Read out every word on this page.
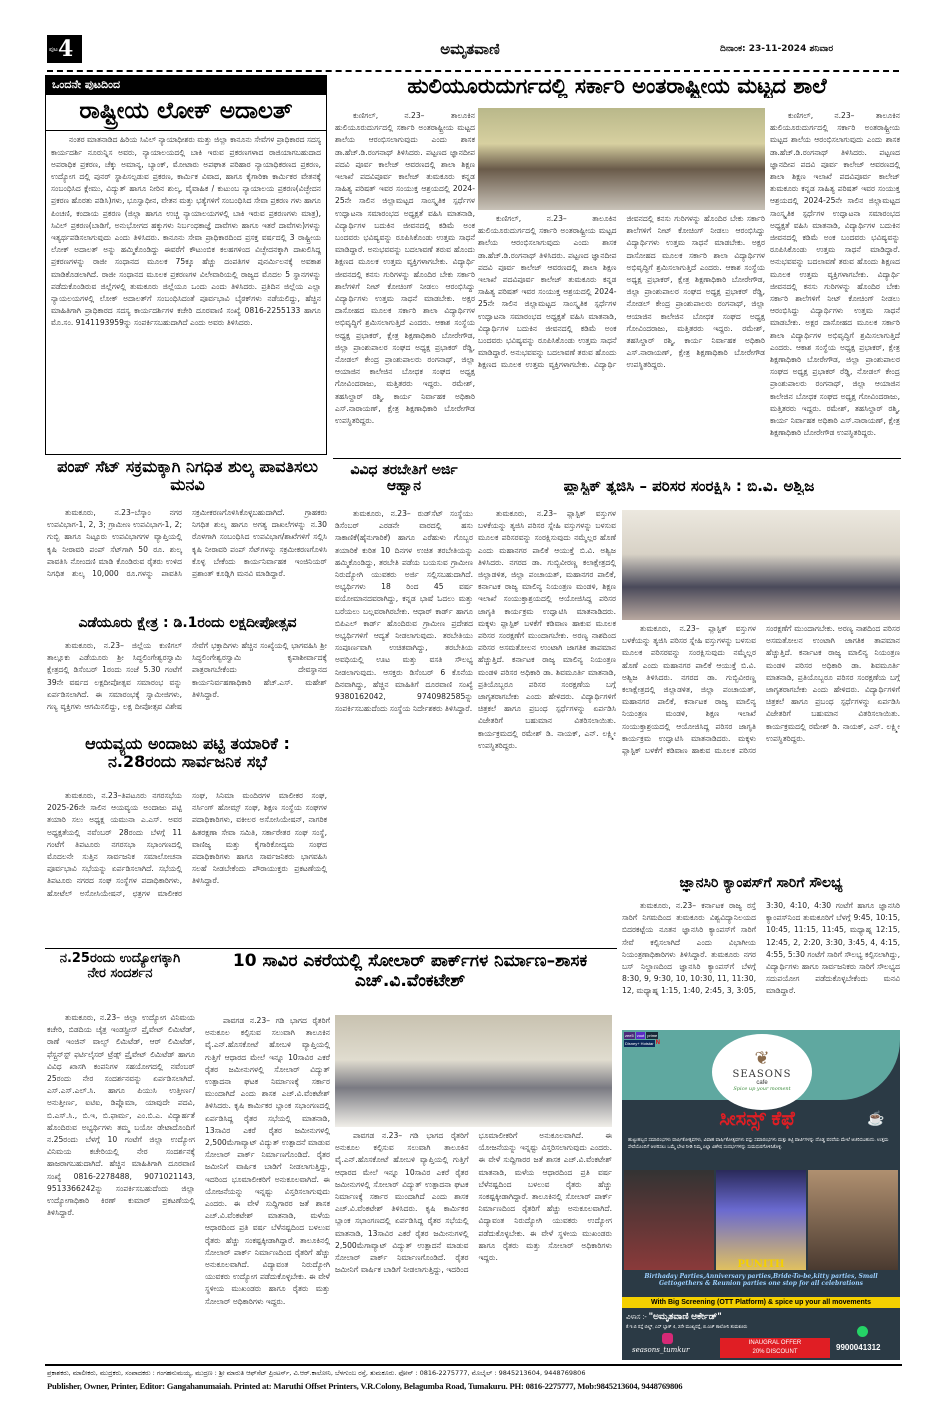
ಪುಟ 4	ಅಮೃತವಾಣಿ	ದಿನಾಂಕ: 23-11-2024 ಶನಿವಾರ
ಒಂದನೇ ಪುಟದಿಂದ
ರಾಷ್ಟ್ರೀಯ ಲೋಕ್ ಅದಾಲತ್

ನಂತರ ಮಾತನಾಡಿದ ಹಿರಿಯ ಸಿವಿಲ್ ನ್ಯಾಯಾಧೀಶರು ಮತ್ತು ಜಿಲ್ಲಾ ಕಾನೂನು ಸೇವೆಗಳ ಪ್ರಾಧಿಕಾರದ ಸದಸ್ಯ ಕಾರ್ಯದರ್ಶಿ ನೂರುನ್ನಿಸ ಅವರು, ನ್ಯಾಯಾಲಯದಲ್ಲಿ ಬಾಕಿ ಇರುವ ಪ್ರಕರಣಗಳಾದ ರಾಜಿಯಾಗಬಹುದಾದ ಅಪರಾಧಿಕ ಪ್ರಕರಣ, ಚೆಕ್ಕು ಅಮಾನ್ಯ, ಬ್ಯಾಂಕ್, ಮೋಟಾರು ಅಪಘಾತ ಪರಿಹಾರ ನ್ಯಾಯಾಧಿಕರಣದ ಪ್ರಕರಣ, ಉದ್ಯೋಗ ದಲ್ಲಿ ಪುನರ್ ಸ್ಥಾಪಿಸಲ್ಪಡುವ ಪ್ರಕರಣ, ಕಾರ್ಮಿಕ ವಿವಾದ, ಹಾಗೂ ಕೈಗಾರಿಕಾ ಕಾರ್ಮಿಕರ ವೇತನಕ್ಕೆ ಸಂಬಂಧಿಸಿದ ಕ್ಲೇಮು, ವಿದ್ಯುತ್ ಹಾಗೂ ನೀರಿನ ಶುಲ್ಕ, ವೈವಾಹಿಕ / ಕುಟುಂಬ ನ್ಯಾಯಾಲಯ ಪ್ರಕರಣ(ವಿಚ್ಛೇದನ ಪ್ರಕರಣ ಹೊರತು ಪಡಿಸಿ)ಗಳು, ಭೂಸ್ವಾಧೀನ, ವೇತನ ಮತ್ತು ಭತ್ಯೆಗಳಿಗೆ ಸಂಬಂಧಿಸಿದ ಸೇವಾ ಪ್ರಕರಣ ಗಳು ಹಾಗೂ ಪಿಂಚಣಿ, ಕಂದಾಯ ಪ್ರಕರಣ (ಜಿಲ್ಲಾ ಹಾಗೂ ಉಚ್ಚ ನ್ಯಾಯಾಲಯಗಳಲ್ಲಿ ಬಾಕಿ ಇರುವ ಪ್ರಕರಣಗಳು ಮಾತ್ರ), ಸಿವಿಲ್ ಪ್ರಕರಣ(ಬಾಡಿಗೆ, ಅನುಭೋಗದ ಹಕ್ಕುಗಳು ನಿರ್ಬಂಧಕಾಜ್ಞೆ ದಾವೆಗಳು ಹಾಗೂ ಇತರೆ ದಾವೆಗಳು)ಗಳನ್ನು ಇತ್ಯರ್ಥಪಡಿಸಲಾಗುವುದು ಎಂದು ತಿಳಿಸಿದರು. ಕಾನೂನು ಸೇವಾ ಪ್ರಾಧಿಕಾರದಿಂದ ಪ್ರಸಕ್ತ ವರ್ಷದಲ್ಲಿ 3 ರಾಷ್ಟ್ರೀಯ ಲೋಕ್ ಅದಾಲತ್ ಅನ್ನು ಹಮ್ಮಿಕೊಂಡಿದ್ದು ಈವರೆಗೆ ಕೌಟುಂಬಿಕ ಕಲಹಗಳಿಂದ ವಿಚ್ಛೇದನಕ್ಕಾಗಿ ದಾಖಲಿಸಿದ್ದ ಪ್ರಕರಣಗಳನ್ನು ರಾಜೀ ಸಂಧಾನದ ಮೂಲಕ 75ಕ್ಕೂ ಹೆಚ್ಚು ದಂಪತಿಗಳ ಪುನರ್ಮಿಲನಕ್ಕೆ ಅವಕಾಶ ಮಾಡಿಕೊಡಲಾಗಿದೆ. ರಾಜೀ ಸಂಧಾನದ ಮೂಲಕ ಪ್ರಕರಣಗಳ ವಿಲೇವಾರಿಯಲ್ಲಿ ರಾಜ್ಯದ ಮೊದಲ 5 ಸ್ಥಾನಗಳನ್ನು ಪಡೆದುಕೊಂಡಿರುವ ಜಿಲ್ಲೆಗಳಲ್ಲಿ ತುಮಕೂರು ಜಿಲ್ಲೆಯೂ ಒಂದು ಎಂದು ತಿಳಿಸಿದರು. ಪ್ರತಿದಿನ ಜಿಲ್ಲೆಯ ಎಲ್ಲಾ ನ್ಯಾಯಲಯಗಳಲ್ಲಿ ಲೋಕ್ ಅದಾಲತ್‌ಗೆ ಸಂಬಂಧಿಸಿದಂತೆ ಪೂರ್ವಭಾವಿ ಬೈಠಕ್‌ಗಳು ನಡೆಯಲಿದ್ದು, ಹೆಚ್ಚಿನ ಮಾಹಿತಿಗಾಗಿ ಪ್ರಾಧಿಕಾರದ ಸದಸ್ಯ ಕಾರ್ಯದರ್ಶಿಗಳ ಕಚೇರಿ ದೂರವಾಣಿ ಸಂಖ್ಯೆ 0816-2255133 ಹಾಗೂ ಮೊ.ಸಂ. 9141193959ನ್ನು ಸಂಪರ್ಕಿಸಬಹುದಾಗಿದೆ ಎಂದು ಅವರು ತಿಳಿಸಿದರು.

ಪಂಪ್ ಸೆಟ್ ಸಕ್ರಮಕ್ಕಾಗಿ ನಿಗಧಿತ ಶುಲ್ಕ ಪಾವತಿಸಲು ಮನವಿ

ತುಮಕೂರು, ನ.23–ಬೆಸ್ಕಾಂ ನಗರ ಉಪವಿಭಾಗ-1, 2, 3; ಗ್ರಾಮೀಣ ಉಪವಿಭಾಗ-1, 2; ಗುಬ್ಬಿ ಹಾಗೂ ನಿಟ್ಟೂರು ಉಪವಿಭಾಗಗಳ ವ್ಯಾಪ್ತಿಯಲ್ಲಿ ಕೃಷಿ ನೀರಾವರಿ ಪಂಪ್ ಸೆಟ್‌ಗಾಗಿ 50 ರೂ. ಶುಲ್ಕ ಪಾವತಿಸಿ ನೋಂದಣಿ ಮಾಡಿ ಕೊಂಡಿರುವ ರೈತರು ಉಳಿದ ನಿಗಧಿತ ಶುಲ್ಕ 10,000 ರೂ.ಗಳನ್ನು ಪಾವತಿಸಿ ಸಕ್ರಮೀಕರಣಗೊಳಿಸಿಕೊಳ್ಳಬಹುದಾಗಿದೆ. ಗ್ರಾಹಕರು ನಿಗಧಿತ ಶುಲ್ಕ ಹಾಗೂ ಅಗತ್ಯ ದಾಖಲೆಗಳನ್ನು ನ.30 ರೊಳಗಾಗಿ ಸಂಬಂಧಿಸಿದ ಉಪವಿಭಾಗ/ಶಾಖೆಗಳಿಗೆ ಸಲ್ಲಿಸಿ ಕೃಷಿ ನೀರಾವರಿ ಪಂಪ್ ಸೆಟ್‌ಗಳನ್ನು ಸಕ್ರಮೀಕರಣಗೊಳಿಸಿ ಕೊಳ್ಳ ಬೇಕೆಂದು ಕಾರ್ಯನಿರ್ವಾಹಕ ಇಂಜಿನಿಯರ್ ಪ್ರಶಾಂತ್ ಕೂಡ್ಲಿಗಿ ಮನವಿ ಮಾಡಿದ್ದಾರೆ.

ಎಡೆಯೂರು ಕ್ಷೇತ್ರ : ಡಿ.1ರಂದು ಲಕ್ಷದೀಪೋತ್ಸವ

ತುಮಕೂರು, ನ.23– ಜಿಲ್ಲೆಯ ಕುಣಿಗಲ್ ತಾಲ್ಲೂಕು ಎಡೆಯೂರು ಶ್ರೀ ಸಿದ್ಧಲಿಂಗೇಶ್ವರಸ್ವಾಮಿ ಕ್ಷೇತ್ರದಲ್ಲಿ ಡಿಸೆಂಬರ್ 1ರಂದು ಸಂಜೆ 5.30 ಗಂಟೆಗೆ 39ನೇ ವರ್ಷದ ಲಕ್ಷದೀಪೋತ್ಸವ ಸಮಾರಂಭ ವನ್ನು ಏರ್ಪಡಿಸಲಾಗಿದೆ. ಈ ಸಮಾರಂಭಕ್ಕೆ ಸ್ವಾಮೀಜಿಗಳು, ಗಣ್ಯ ವ್ಯಕ್ತಿಗಳು ಆಗಮಿಸಲಿದ್ದು, ಲಕ್ಷ ದೀಪೋತ್ಸವ ವಿಶೇಷ ಸೇವೆಗೆ ಭಕ್ತಾದಿಗಳು ಹೆಚ್ಚಿನ ಸಂಖ್ಯೆಯಲ್ಲಿ ಭಾಗವಹಿಸಿ ಶ್ರೀ ಸಿದ್ಧಲಿಂಗೇಶ್ವರಸ್ವಾಮಿ ಕೃಪಾಶೀರ್ವಾದಕ್ಕೆ ಪಾತ್ರರಾಗಬೇಕೆಂದು ದೇವಸ್ಥಾನದ ಕಾರ್ಯನಿರ್ವಹಣಾಧಿಕಾರಿ ಹೆಚ್.ಎಸ್. ಮಹೇಶ್ ತಿಳಿಸಿದ್ದಾರೆ.

ಆಯವ್ಯಯ ಅಂದಾಜು ಪಟ್ಟಿ ತಯಾರಿಕೆ : ನ.28ರಂದು ಸಾರ್ವಜನಿಕ ಸಭೆ

ತುಮಕೂರು, ನ.23–ತಿಪಟೂರು ನಗರಸಭೆಯ 2025-26ನೇ ಸಾಲಿನ ಆಯವ್ಯಯ ಅಂದಾಜು ಪಟ್ಟಿ ತಯಾರಿ ಸಲು ಅಧ್ಯಕ್ಷ ಯಮುನಾ ಎ.ಎಸ್. ಅವರ ಅಧ್ಯಕ್ಷತೆಯಲ್ಲಿ ನವೆಂಬರ್ 28ರಂದು ಬೆಳಗ್ಗೆ 11 ಗಂಟೆಗೆ ತಿಪಟೂರು ನಗರಸಭಾ ಸಭಾಂಗಣದಲ್ಲಿ ಮೊದಲನೇ ಸುತ್ತಿನ ಸಾರ್ವಜನಿಕ ಸಮಾಲೋಚನಾ ಪೂರ್ವಭಾವಿ ಸಭೆಯನ್ನು ಏರ್ಪಡಿಸಲಾಗಿದೆ. ಸಭೆಯಲ್ಲಿ ತಿಪಟೂರು ನಗರದ ಸಂಘ ಸಂಸ್ಥೆಗಳ ಪದಾಧಿಕಾರಿಗಳು, ಹೋಟೆಲ್ ಅಸೋಸಿಯೇಷನ್, ಛತ್ರಗಳ ಮಾಲೀಕರ ಸಂಘ, ಸಿನಿಮಾ ಮಂದಿರಗಳ ಮಾಲೀಕರ ಸಂಘ, ನರ್ಸಿಂಗ್ ಹೋಮ್ಸ್ ಸಂಘ, ಶಿಕ್ಷಣ ಸಂಸ್ಥೆಯ ಸಂಘಗಳ ಪದಾಧಿಕಾರಿಗಳು, ವಕೀಲರ ಅಸೋಸಿಯೇಷನ್, ನಾಗರಿಕ ಹಿತರಕ್ಷಣಾ ಸೇವಾ ಸಮಿತಿ, ಸರ್ಕಾರೇತರ ಸಂಘ ಸಂಸ್ಥೆ, ವಾಣಿಜ್ಯ ಮತ್ತು ಕೈಗಾರಿಕೋದ್ಯಮ ಸಂಘದ ಪದಾಧಿಕಾರಿಗಳು ಹಾಗೂ ಸಾರ್ವಜನಿಕರು ಭಾಗವಹಿಸಿ ಸಲಹೆ ನೀಡಬೇಕೆಂದು ಪೌರಾಯುಕ್ತರು ಪ್ರಕಟಣೆಯಲ್ಲಿ ತಿಳಿಸಿದ್ದಾರೆ.

ನ.25ರಂದು ಉದ್ಯೋಗಕ್ಕಾಗಿ ನೇರ ಸಂದರ್ಶನ

ತುಮಕೂರು, ನ.23– ಜಿಲ್ಲಾ ಉದ್ಯೋಗ ವಿನಿಮಯ ಕಚೇರಿ, ಬಿಡದಿಯ ಚೈತ್ರ ಇಂಡಸ್ಟ್ರೀಸ್ ಪ್ರೈವೇಟ್ ಲಿಮಿಟೆಡ್, ರಾಣೆ ಇಂಜಿನ್ ವಾಲ್ವ್ ಲಿಮಿಟೆಡ್, ಆರ್ ಲಿಮಿಟೆಡ್, ಫೆಸ್ಟ್ರನ್‌ಸ್ಟ್ ಫರ್ಟಿಲೈಸರ್ ಟ್ರೆಡ್ಸ್ ಪ್ರೈವೇಟ್ ಲಿಮಿಟೆಡ್ ಹಾಗೂ ವಿವಿಧ ಖಾಸಗಿ ಕಂಪನಿಗಳ ಸಹಯೋಗದಲ್ಲಿ ನವೆಂಬರ್ 25ರಂದು ನೇರ ಸಂದರ್ಶನವನ್ನು ಏರ್ಪಡಿಸಲಾಗಿದೆ. ಎಸ್.ಎಸ್.ಎಲ್.ಸಿ. ಹಾಗೂ ಪಿಯುಸಿ ಉತ್ತೀರ್ಣ/ಅನುತ್ತೀರ್ಣ, ಐಟಿಐ, ಡಿಪ್ಲೊಮಾ, ಯಾವುದೇ ಪದವಿ, ಬಿ.ಎಸ್.ಸಿ., ಬಿ.ಇ, ಬಿ.ಫಾರ್ಮ, ಎಂ.ಬಿ.ಎ. ವಿದ್ಯಾರ್ಹತೆ ಹೊಂದಿರುವ ಅಭ್ಯರ್ಥಿಗಳು ತಮ್ಮ ಬಯೋ ಡೇಟಾದೊಂದಿಗೆ ನ.25ರಂದು ಬೆಳಗ್ಗೆ 10 ಗಂಟೆಗೆ ಜಿಲ್ಲಾ ಉದ್ಯೋಗ ವಿನಿಮಯ ಕಚೇರಿಯಲ್ಲಿ ನೇರ ಸಂದರ್ಶನಕ್ಕೆ ಹಾಜರಾಗಬಹುದಾಗಿದೆ. ಹೆಚ್ಚಿನ ಮಾಹಿತಿಗಾಗಿ ದೂರವಾಣಿ ಸಂಖ್ಯೆ 0816-2278488, 9071021143, 9513366242ನ್ನು ಸಂಪರ್ಕಿಸಬಹುದೆಂದು ಜಿಲ್ಲಾ ಉದ್ಯೋಗಾಧಿಕಾರಿ ಕಿರಣ್ ಕುಮಾರ್ ಪ್ರಕಟಣೆಯಲ್ಲಿ ತಿಳಿಸಿದ್ದಾರೆ.

ಹುಲಿಯೂರುದುರ್ಗದಲ್ಲಿ ಸರ್ಕಾರಿ ಅಂತರಾಷ್ಟ್ರೀಯ ಮಟ್ಟದ ಶಾಲೆ

ಕುಣಿಗಲ್, ನ.23– ತಾಲೂಕಿನ ಹುಲಿಯೂರುದುರ್ಗದಲ್ಲಿ ಸರ್ಕಾರಿ ಅಂತರಾಷ್ಟ್ರೀಯ ಮಟ್ಟದ ಶಾಲೆಯ ಆರಂಭಿಸಲಾಗುವುದು ಎಂದು ಶಾಸಕ ಡಾ.ಹೆಚ್.ಡಿ.ರಂಗನಾಥ್ ತಿಳಿಸಿದರು. ಪಟ್ಟಣದ ಜ್ಞಾನದೀಪ ಪದವಿ ಪೂರ್ವ ಕಾಲೇಜ್ ಆವರಣದಲ್ಲಿ ಶಾಲಾ ಶಿಕ್ಷಣ ಇಲಾಖೆ ಪದವಿಪೂರ್ವ ಕಾಲೇಜ್ ತುಮಕೂರು ಕನ್ನಡ ಸಾಹಿತ್ಯ ಪರಿಷತ್ ಇವರ ಸಂಯುಕ್ತ ಆಶ್ರಯದಲ್ಲಿ 2024-25ನೇ ಸಾಲಿನ ಜಿಲ್ಲಾಮಟ್ಟದ ಸಾಂಸ್ಕೃತಿಕ ಸ್ಪರ್ಧೆಗಳ ಉದ್ಘಾಟನಾ ಸಮಾರಂಭದ ಅಧ್ಯಕ್ಷತೆ ವಹಿಸಿ ಮಾತನಾಡಿ, ವಿದ್ಯಾರ್ಥಿಗಳ ಬದುಕಿನ ಜೀವನದಲ್ಲಿ ಕಡಿಮೆ ಅಂಕ ಬಂದವರು ಭವಿಷ್ಯವನ್ನು ರೂಪಿಸಿಕೊಂಡು ಉತ್ತಮ ಸಾಧನೆ ಮಾಡಿದ್ದಾರೆ. ಅನುಭವವನ್ನು ಬದಲಾವಣೆ ತರುವ ಹೊಂದು ಶಿಕ್ಷಣದ ಮೂಲಕ ಉತ್ತಮ ವ್ಯಕ್ತಿಗಳಾಗಬೇಕು. ವಿದ್ಯಾರ್ಥಿ ಜೀವನದಲ್ಲಿ ಕನಸು ಗುರಿಗಳನ್ನು ಹೊಂದಿರ ಬೇಕು ಸರ್ಕಾರಿ ಶಾಲೆಗಳಿಗೆ ನೀಟ್ ಕೋಚಿಂಗ್ ನೀಡಲು ಆರಂಭಿಸಿದ್ದು ವಿದ್ಯಾರ್ಥಿಗಳು ಉತ್ತಮ ಸಾಧನೆ ಮಾಡಬೇಕು. ಅಕ್ಷರ ದಾಸೋಹದ ಮೂಲಕ ಸರ್ಕಾರಿ ಶಾಲಾ ವಿದ್ಯಾರ್ಥಿಗಳ ಅಭಿವೃದ್ಧಿಗೆ ಶ್ರಮಿಸಲಾಗುತ್ತಿದೆ ಎಂದರು. ಆಕಾಶ ಸಂಸ್ಥೆಯ ಅಧ್ಯಕ್ಷ ಪ್ರಭಾಕರ್, ಕ್ಷೇತ್ರ ಶಿಕ್ಷಣಾಧಿಕಾರಿ ಬೋರೇಗೌಡ, ಜಿಲ್ಲಾ ಪ್ರಾಂಶುಪಾಲರ ಸಂಘದ ಅಧ್ಯಕ್ಷ ಪ್ರಭಾಕರ್ ರೆಡ್ಡಿ, ನೋಡಲ್ ಕೇಂದ್ರ ಪ್ರಾಂಶುಪಾಲರು ರಂಗನಾಥ್, ಜಿಲ್ಲಾ ಆಯಾಜಿನ ಕಾಲೇಜಿನ ಬೋಧಕ ಸಂಘದ ಅಧ್ಯಕ್ಷ ಗೋವಿಂದರಾಜು, ಮತ್ತಿತರರು ಇದ್ದರು. ರಮೇಶ್, ತಹಸಿಲ್ದಾರ್ ರಶ್ಮಿ, ಕಾರ್ಯ ನಿರ್ವಾಹಕ ಅಧಿಕಾರಿ ಎಸ್.ನಾರಾಯಣ್, ಕ್ಷೇತ್ರ ಶಿಕ್ಷಣಾಧಿಕಾರಿ ಬೋರೇಗೌಡ ಉಪಸ್ಥಿತರಿದ್ದರು.

ಕುಣಿಗಲ್, ನ.23– ತಾಲೂಕಿನ ಹುಲಿಯೂರುದುರ್ಗದಲ್ಲಿ ಸರ್ಕಾರಿ ಅಂತರಾಷ್ಟ್ರೀಯ ಮಟ್ಟದ ಶಾಲೆಯ ಆರಂಭಿಸಲಾಗುವುದು ಎಂದು ಶಾಸಕ ಡಾ.ಹೆಚ್.ಡಿ.ರಂಗನಾಥ್ ತಿಳಿಸಿದರು. ಪಟ್ಟಣದ ಜ್ಞಾನದೀಪ ಪದವಿ ಪೂರ್ವ ಕಾಲೇಜ್ ಆವರಣದಲ್ಲಿ ಶಾಲಾ ಶಿಕ್ಷಣ ಇಲಾಖೆ ಪದವಿಪೂರ್ವ ಕಾಲೇಜ್ ತುಮಕೂರು ಕನ್ನಡ ಸಾಹಿತ್ಯ ಪರಿಷತ್ ಇವರ ಸಂಯುಕ್ತ ಆಶ್ರಯದಲ್ಲಿ 2024-25ನೇ ಸಾಲಿನ ಜಿಲ್ಲಾಮಟ್ಟದ ಸಾಂಸ್ಕೃತಿಕ ಸ್ಪರ್ಧೆಗಳ ಉದ್ಘಾಟನಾ ಸಮಾರಂಭದ ಅಧ್ಯಕ್ಷತೆ ವಹಿಸಿ ಮಾತನಾಡಿ, ವಿದ್ಯಾರ್ಥಿಗಳ ಬದುಕಿನ ಜೀವನದಲ್ಲಿ ಕಡಿಮೆ ಅಂಕ ಬಂದವರು ಭವಿಷ್ಯವನ್ನು ರೂಪಿಸಿಕೊಂಡು ಉತ್ತಮ ಸಾಧನೆ ಮಾಡಿದ್ದಾರೆ. ಅನುಭವವನ್ನು ಬದಲಾವಣೆ ತರುವ ಹೊಂದು ಶಿಕ್ಷಣದ ಮೂಲಕ ಉತ್ತಮ ವ್ಯಕ್ತಿಗಳಾಗಬೇಕು. ವಿದ್ಯಾರ್ಥಿ ಜೀವನದಲ್ಲಿ ಕನಸು ಗುರಿಗಳನ್ನು ಹೊಂದಿರ ಬೇಕು ಸರ್ಕಾರಿ ಶಾಲೆಗಳಿಗೆ ನೀಟ್ ಕೋಚಿಂಗ್ ನೀಡಲು ಆರಂಭಿಸಿದ್ದು ವಿದ್ಯಾರ್ಥಿಗಳು ಉತ್ತಮ ಸಾಧನೆ ಮಾಡಬೇಕು. ಅಕ್ಷರ ದಾಸೋಹದ ಮೂಲಕ ಸರ್ಕಾರಿ ಶಾಲಾ ವಿದ್ಯಾರ್ಥಿಗಳ ಅಭಿವೃದ್ಧಿಗೆ ಶ್ರಮಿಸಲಾಗುತ್ತಿದೆ ಎಂದರು. ಆಕಾಶ ಸಂಸ್ಥೆಯ ಅಧ್ಯಕ್ಷ ಪ್ರಭಾಕರ್, ಕ್ಷೇತ್ರ ಶಿಕ್ಷಣಾಧಿಕಾರಿ ಬೋರೇಗೌಡ, ಜಿಲ್ಲಾ ಪ್ರಾಂಶುಪಾಲರ ಸಂಘದ ಅಧ್ಯಕ್ಷ ಪ್ರಭಾಕರ್ ರೆಡ್ಡಿ, ನೋಡಲ್ ಕೇಂದ್ರ ಪ್ರಾಂಶುಪಾಲರು ರಂಗನಾಥ್, ಜಿಲ್ಲಾ ಆಯಾಜಿನ ಕಾಲೇಜಿನ ಬೋಧಕ ಸಂಘದ ಅಧ್ಯಕ್ಷ ಗೋವಿಂದರಾಜು, ಮತ್ತಿತರರು ಇದ್ದರು. ರಮೇಶ್, ತಹಸಿಲ್ದಾರ್ ರಶ್ಮಿ, ಕಾರ್ಯ ನಿರ್ವಾಹಕ ಅಧಿಕಾರಿ ಎಸ್.ನಾರಾಯಣ್, ಕ್ಷೇತ್ರ ಶಿಕ್ಷಣಾಧಿಕಾರಿ ಬೋರೇಗೌಡ ಉಪಸ್ಥಿತರಿದ್ದರು.

ಕುಣಿಗಲ್, ನ.23– ತಾಲೂಕಿನ ಹುಲಿಯೂರುದುರ್ಗದಲ್ಲಿ ಸರ್ಕಾರಿ ಅಂತರಾಷ್ಟ್ರೀಯ ಮಟ್ಟದ ಶಾಲೆಯ ಆರಂಭಿಸಲಾಗುವುದು ಎಂದು ಶಾಸಕ ಡಾ.ಹೆಚ್.ಡಿ.ರಂಗನಾಥ್ ತಿಳಿಸಿದರು. ಪಟ್ಟಣದ ಜ್ಞಾನದೀಪ ಪದವಿ ಪೂರ್ವ ಕಾಲೇಜ್ ಆವರಣದಲ್ಲಿ ಶಾಲಾ ಶಿಕ್ಷಣ ಇಲಾಖೆ ಪದವಿಪೂರ್ವ ಕಾಲೇಜ್ ತುಮಕೂರು ಕನ್ನಡ ಸಾಹಿತ್ಯ ಪರಿಷತ್ ಇವರ ಸಂಯುಕ್ತ ಆಶ್ರಯದಲ್ಲಿ 2024-25ನೇ ಸಾಲಿನ ಜಿಲ್ಲಾಮಟ್ಟದ ಸಾಂಸ್ಕೃತಿಕ ಸ್ಪರ್ಧೆಗಳ ಉದ್ಘಾಟನಾ ಸಮಾರಂಭದ ಅಧ್ಯಕ್ಷತೆ ವಹಿಸಿ ಮಾತನಾಡಿ, ವಿದ್ಯಾರ್ಥಿಗಳ ಬದುಕಿನ ಜೀವನದಲ್ಲಿ ಕಡಿಮೆ ಅಂಕ ಬಂದವರು ಭವಿಷ್ಯವನ್ನು ರೂಪಿಸಿಕೊಂಡು ಉತ್ತಮ ಸಾಧನೆ ಮಾಡಿದ್ದಾರೆ. ಅನುಭವವನ್ನು ಬದಲಾವಣೆ ತರುವ ಹೊಂದು ಶಿಕ್ಷಣದ ಮೂಲಕ ಉತ್ತಮ ವ್ಯಕ್ತಿಗಳಾಗಬೇಕು. ವಿದ್ಯಾರ್ಥಿ ಜೀವನದಲ್ಲಿ ಕನಸು ಗುರಿಗಳನ್ನು ಹೊಂದಿರ ಬೇಕು ಸರ್ಕಾರಿ ಶಾಲೆಗಳಿಗೆ ನೀಟ್ ಕೋಚಿಂಗ್ ನೀಡಲು ಆರಂಭಿಸಿದ್ದು ವಿದ್ಯಾರ್ಥಿಗಳು ಉತ್ತಮ ಸಾಧನೆ ಮಾಡಬೇಕು. ಅಕ್ಷರ ದಾಸೋಹದ ಮೂಲಕ ಸರ್ಕಾರಿ ಶಾಲಾ ವಿದ್ಯಾರ್ಥಿಗಳ ಅಭಿವೃದ್ಧಿಗೆ ಶ್ರಮಿಸಲಾಗುತ್ತಿದೆ ಎಂದರು. ಆಕಾಶ ಸಂಸ್ಥೆಯ ಅಧ್ಯಕ್ಷ ಪ್ರಭಾಕರ್, ಕ್ಷೇತ್ರ ಶಿಕ್ಷಣಾಧಿಕಾರಿ ಬೋರೇಗೌಡ, ಜಿಲ್ಲಾ ಪ್ರಾಂಶುಪಾಲರ ಸಂಘದ ಅಧ್ಯಕ್ಷ ಪ್ರಭಾಕರ್ ರೆಡ್ಡಿ, ನೋಡಲ್ ಕೇಂದ್ರ ಪ್ರಾಂಶುಪಾಲರು ರಂಗನಾಥ್, ಜಿಲ್ಲಾ ಆಯಾಜಿನ ಕಾಲೇಜಿನ ಬೋಧಕ ಸಂಘದ ಅಧ್ಯಕ್ಷ ಗೋವಿಂದರಾಜು, ಮತ್ತಿತರರು ಇದ್ದರು. ರಮೇಶ್, ತಹಸಿಲ್ದಾರ್ ರಶ್ಮಿ, ಕಾರ್ಯ ನಿರ್ವಾಹಕ ಅಧಿಕಾರಿ ಎಸ್.ನಾರಾಯಣ್, ಕ್ಷೇತ್ರ ಶಿಕ್ಷಣಾಧಿಕಾರಿ ಬೋರೇಗೌಡ ಉಪಸ್ಥಿತರಿದ್ದರು.

ವಿವಿಧ ತರಬೇತಿಗೆ ಅರ್ಜಿ ಆಹ್ವಾನ

ತುಮಕೂರು, ನ.23– ರುಡ್‌ಸೆಟ್ ಸಂಸ್ಥೆಯು ಡಿಸೆಂಬರ್ ಎರಡನೇ ವಾರದಲ್ಲಿ ಹಸು ಸಾಕಾಣಿಕೆ(ಹೈನುಗಾರಿಕೆ) ಹಾಗೂ ಎರೆಹುಳು ಗೊಬ್ಬರ ತಯಾರಿಕೆ ಕುರಿತ 10 ದಿನಗಳ ಉಚಿತ ತರಬೇತಿಯನ್ನು ಹಮ್ಮಿಕೊಂಡಿದ್ದು, ತರಬೇತಿ ಪಡೆಯ ಬಯಸುವ ಗ್ರಾಮೀಣ ನಿರುದ್ಯೋಗಿ ಯುವಕರು ಅರ್ಜಿ ಸಲ್ಲಿಸಬಹುದಾಗಿದೆ. ಅಭ್ಯರ್ಥಿಗಳು 18 ರಿಂದ 45 ವರ್ಷ ವಯೋಮಾನದವರಾಗಿದ್ದು, ಕನ್ನಡ ಭಾಷೆ ಓದಲು ಮತ್ತು ಬರೆಯಲು ಬಲ್ಲವರಾಗಿರಬೇಕು. ಆಧಾರ್ ಕಾರ್ಡ್ ಹಾಗೂ ಬಿಪಿಎಲ್ ಕಾರ್ಡ್ ಹೊಂದಿರುವ ಗ್ರಾಮೀಣ ಪ್ರದೇಶದ ಅಭ್ಯರ್ಥಿಗಳಿಗೆ ಆದ್ಯತೆ ನೀಡಲಾಗುವುದು. ತರಬೇತಿಯು ಸಂಪೂರ್ಣವಾಗಿ ಉಚಿತವಾಗಿದ್ದು, ತರಬೇತಿಯ ಅವಧಿಯಲ್ಲಿ ಊಟ ಮತ್ತು ವಸತಿ ಸೌಲಭ್ಯ ನೀಡಲಾಗುವುದು. ಆಸಕ್ತರು ಡಿಸೆಂಬರ್ 6 ಕೊನೆಯ ದಿನವಾಗಿದ್ದು, ಹೆಚ್ಚಿನ ಮಾಹಿತಿಗೆ ದೂರವಾಣಿ ಸಂಖ್ಯೆ 9380162042, 9740982585ನ್ನು ಸಂಪರ್ಕಿಸಬಹುದೆಂದು ಸಂಸ್ಥೆಯ ನಿರ್ದೇಶಕರು ತಿಳಿಸಿದ್ದಾರೆ.

ಪ್ಲಾಸ್ಟಿಕ್ ತ್ಯಜಿಸಿ – ಪರಿಸರ ಸಂರಕ್ಷಿಸಿ : ಬಿ.ವಿ. ಅಶ್ವಿಜ

ತುಮಕೂರು, ನ.23– ಪ್ಲಾಸ್ಟಿಕ್ ವಸ್ತುಗಳ ಬಳಕೆಯನ್ನು ತ್ಯಜಿಸಿ ಪರಿಸರ ಸ್ನೇಹಿ ವಸ್ತುಗಳನ್ನು ಬಳಸುವ ಮೂಲಕ ಪರಿಸರವನ್ನು ಸಂರಕ್ಷಿಸುವುದು ನಮ್ಮೆಲ್ಲರ ಹೊಣೆ ಎಂದು ಮಹಾನಗರ ಪಾಲಿಕೆ ಆಯುಕ್ತೆ ಬಿ.ವಿ. ಅಶ್ವಿಜ ತಿಳಿಸಿದರು. ನಗರದ ಡಾ. ಗುಬ್ಬಿವೀರಣ್ಣ ಕಲಾಕ್ಷೇತ್ರದಲ್ಲಿ ಜಿಲ್ಲಾಡಳಿತ, ಜಿಲ್ಲಾ ಪಂಚಾಯತ್, ಮಹಾನಗರ ಪಾಲಿಕೆ, ಕರ್ನಾಟಕ ರಾಜ್ಯ ಮಾಲಿನ್ಯ ನಿಯಂತ್ರಣ ಮಂಡಳಿ, ಶಿಕ್ಷಣ ಇಲಾಖೆ ಸಂಯುಕ್ತಾಶ್ರಯದಲ್ಲಿ ಆಯೋಜಿಸಿದ್ದ ಪರಿಸರ ಜಾಗೃತಿ ಕಾರ್ಯಕ್ರಮ ಉದ್ಘಾಟಿಸಿ ಮಾತನಾಡಿದರು. ಮಕ್ಕಳು ಪ್ಲಾಸ್ಟಿಕ್ ಬಳಕೆಗೆ ಕಡಿವಾಣ ಹಾಕುವ ಮೂಲಕ ಪರಿಸರ ಸಂರಕ್ಷಣೆಗೆ ಮುಂದಾಗಬೇಕು. ಅರಣ್ಯ ನಾಶದಿಂದ ಪರಿಸರ ಅಸಮತೋಲನ ಉಂಟಾಗಿ ಜಾಗತಿಕ ತಾಪಮಾನ ಹೆಚ್ಚುತ್ತಿದೆ. ಕರ್ನಾಟಕ ರಾಜ್ಯ ಮಾಲಿನ್ಯ ನಿಯಂತ್ರಣ ಮಂಡಳಿ ಪರಿಸರ ಅಧಿಕಾರಿ ಡಾ. ಶಿವಮೂರ್ತಿ ಮಾತನಾಡಿ, ಪ್ರತಿಯೊಬ್ಬರೂ ಪರಿಸರ ಸಂರಕ್ಷಣೆಯ ಬಗ್ಗೆ ಜಾಗೃತರಾಗಬೇಕು ಎಂದು ಹೇಳಿದರು. ವಿದ್ಯಾರ್ಥಿಗಳಿಗೆ ಚಿತ್ರಕಲೆ ಹಾಗೂ ಪ್ರಬಂಧ ಸ್ಪರ್ಧೆಗಳನ್ನು ಏರ್ಪಡಿಸಿ ವಿಜೇತರಿಗೆ ಬಹುಮಾನ ವಿತರಿಸಲಾಯಿತು. ಕಾರ್ಯಕ್ರಮದಲ್ಲಿ ರಮೇಶ್ ಡಿ. ನಾಯಕ್, ಎನ್. ಲಕ್ಷ್ಮೀ ಉಪಸ್ಥಿತರಿದ್ದರು.

ತುಮಕೂರು, ನ.23– ಪ್ಲಾಸ್ಟಿಕ್ ವಸ್ತುಗಳ ಬಳಕೆಯನ್ನು ತ್ಯಜಿಸಿ ಪರಿಸರ ಸ್ನೇಹಿ ವಸ್ತುಗಳನ್ನು ಬಳಸುವ ಮೂಲಕ ಪರಿಸರವನ್ನು ಸಂರಕ್ಷಿಸುವುದು ನಮ್ಮೆಲ್ಲರ ಹೊಣೆ ಎಂದು ಮಹಾನಗರ ಪಾಲಿಕೆ ಆಯುಕ್ತೆ ಬಿ.ವಿ. ಅಶ್ವಿಜ ತಿಳಿಸಿದರು. ನಗರದ ಡಾ. ಗುಬ್ಬಿವೀರಣ್ಣ ಕಲಾಕ್ಷೇತ್ರದಲ್ಲಿ ಜಿಲ್ಲಾಡಳಿತ, ಜಿಲ್ಲಾ ಪಂಚಾಯತ್, ಮಹಾನಗರ ಪಾಲಿಕೆ, ಕರ್ನಾಟಕ ರಾಜ್ಯ ಮಾಲಿನ್ಯ ನಿಯಂತ್ರಣ ಮಂಡಳಿ, ಶಿಕ್ಷಣ ಇಲಾಖೆ ಸಂಯುಕ್ತಾಶ್ರಯದಲ್ಲಿ ಆಯೋಜಿಸಿದ್ದ ಪರಿಸರ ಜಾಗೃತಿ ಕಾರ್ಯಕ್ರಮ ಉದ್ಘಾಟಿಸಿ ಮಾತನಾಡಿದರು. ಮಕ್ಕಳು ಪ್ಲಾಸ್ಟಿಕ್ ಬಳಕೆಗೆ ಕಡಿವಾಣ ಹಾಕುವ ಮೂಲಕ ಪರಿಸರ ಸಂರಕ್ಷಣೆಗೆ ಮುಂದಾಗಬೇಕು. ಅರಣ್ಯ ನಾಶದಿಂದ ಪರಿಸರ ಅಸಮತೋಲನ ಉಂಟಾಗಿ ಜಾಗತಿಕ ತಾಪಮಾನ ಹೆಚ್ಚುತ್ತಿದೆ. ಕರ್ನಾಟಕ ರಾಜ್ಯ ಮಾಲಿನ್ಯ ನಿಯಂತ್ರಣ ಮಂಡಳಿ ಪರಿಸರ ಅಧಿಕಾರಿ ಡಾ. ಶಿವಮೂರ್ತಿ ಮಾತನಾಡಿ, ಪ್ರತಿಯೊಬ್ಬರೂ ಪರಿಸರ ಸಂರಕ್ಷಣೆಯ ಬಗ್ಗೆ ಜಾಗೃತರಾಗಬೇಕು ಎಂದು ಹೇಳಿದರು. ವಿದ್ಯಾರ್ಥಿಗಳಿಗೆ ಚಿತ್ರಕಲೆ ಹಾಗೂ ಪ್ರಬಂಧ ಸ್ಪರ್ಧೆಗಳನ್ನು ಏರ್ಪಡಿಸಿ ವಿಜೇತರಿಗೆ ಬಹುಮಾನ ವಿತರಿಸಲಾಯಿತು. ಕಾರ್ಯಕ್ರಮದಲ್ಲಿ ರಮೇಶ್ ಡಿ. ನಾಯಕ್, ಎನ್. ಲಕ್ಷ್ಮೀ ಉಪಸ್ಥಿತರಿದ್ದರು.

ಜ್ಞಾನಸಿರಿ ಕ್ಯಾಂಪಸ್‌ಗೆ ಸಾರಿಗೆ ಸೌಲಭ್ಯ

ತುಮಕೂರು, ನ.23– ಕರ್ನಾಟಕ ರಾಜ್ಯ ರಸ್ತೆ ಸಾರಿಗೆ ನಿಗಮದಿಂದ ತುಮಕೂರು ವಿಶ್ವವಿದ್ಯಾನಿಲಯದ ಬಿದರಕಟ್ಟೆಯ ನೂತನ ಜ್ಞಾನಸಿರಿ ಕ್ಯಾಂಪಸ್‌ಗೆ ಸಾರಿಗೆ ಸೇವೆ ಕಲ್ಪಿಸಲಾಗಿದೆ ಎಂದು ವಿಭಾಗೀಯ ನಿಯಂತ್ರಣಾಧಿಕಾರಿಗಳು ತಿಳಿಸಿದ್ದಾರೆ. ತುಮಕೂರು ನಗರ ಬಸ್ ನಿಲ್ದಾಣದಿಂದ ಜ್ಞಾನಸಿರಿ ಕ್ಯಾಂಪಸ್‌ಗೆ ಬೆಳಗ್ಗೆ 8:30, 9, 9:30, 10, 10:30, 11, 11:30, 12, ಮಧ್ಯಾಹ್ನ 1:15, 1:40, 2:45, 3, 3:05, 3:30, 4:10, 4:30 ಗಂಟೆಗೆ ಹಾಗೂ ಜ್ಞಾನಸಿರಿ ಕ್ಯಾಂಪಸ್‌ನಿಂದ ತುಮಕೂರಿಗೆ ಬೆಳಗ್ಗೆ 9:45, 10:15, 10:45, 11:15, 11:45, ಮಧ್ಯಾಹ್ನ 12:15, 12:45, 2, 2:20, 3:30, 3:45, 4, 4:15, 4:55, 5:30 ಗಂಟೆಗೆ ಸಾರಿಗೆ ಸೌಲಭ್ಯ ಕಲ್ಪಿಸಲಾಗಿದ್ದು, ವಿದ್ಯಾರ್ಥಿಗಳು ಹಾಗೂ ಸಾರ್ವಜನಿಕರು ಸಾರಿಗೆ ಸೌಲಭ್ಯದ ಸದುಪಯೋಗ ಪಡೆದುಕೊಳ್ಳಬೇಕೆಂದು ಮನವಿ ಮಾಡಿದ್ದಾರೆ.

10 ಸಾವಿರ ಎಕರೆಯಲ್ಲಿ ಸೋಲಾರ್ ಪಾರ್ಕ್‌ಗಳ ನಿರ್ಮಾಣ–ಶಾಸಕ ಎಚ್.ವಿ.ವೆಂಕಟೇಶ್

ಪಾವಗಡ ನ.23– ಗಡಿ ಭಾಗದ ರೈತರಿಗೆ ಅನುಕೂಲ ಕಲ್ಪಿಸುವ ಸಲುವಾಗಿ ತಾಲೂಕಿನ ವೈ.ಎನ್.ಹೊಸಕೋಟೆ ಹೋಬಳಿ ವ್ಯಾಪ್ತಿಯಲ್ಲಿ ಗುತ್ತಿಗೆ ಆಧಾರದ ಮೇಲೆ ಇನ್ನೂ 10ಸಾವಿರ ಎಕರೆ ರೈತರ ಜಮೀನುಗಳಲ್ಲಿ ಸೋಲಾರ್ ವಿದ್ಯುತ್ ಉತ್ಪಾದನಾ ಘಟಕ ನಿರ್ಮಾಣಕ್ಕೆ ಸರ್ಕಾರ ಮುಂದಾಗಿದೆ ಎಂದು ಶಾಸಕ ಎಚ್.ವಿ.ವೆಂಕಟೇಶ್ ತಿಳಿಸಿದರು. ಕೃಷಿ ಕಾರ್ಮಿಕರ ಬ್ಲಾಂಕ ಸಭಾಂಗಣದಲ್ಲಿ ಏರ್ಪಡಿಸಿದ್ದ ರೈತರ ಸಭೆಯಲ್ಲಿ ಮಾತನಾಡಿ, 13ಸಾವಿರ ಎಕರೆ ರೈತರ ಜಮೀನುಗಳಲ್ಲಿ 2,500ಮೆಗಾವ್ಯಾಟ್ ವಿದ್ಯುತ್ ಉತ್ಪಾದನೆ ಮಾಡುವ ಸೋಲಾರ್ ಪಾರ್ಕ್ ನಿರ್ಮಾಣಗೊಂಡಿದೆ. ರೈತರ ಜಮೀನಿಗೆ ವಾರ್ಷಿಕ ಬಾಡಿಗೆ ನೀಡಲಾಗುತ್ತಿದ್ದು, ಇದರಿಂದ ಭೂಮಾಲೀಕರಿಗೆ ಅನುಕೂಲವಾಗಿದೆ. ಈ ಯೋಜನೆಯನ್ನು ಇನ್ನಷ್ಟು ವಿಸ್ತರಿಸಲಾಗುವುದು ಎಂದರು. ಈ ವೇಳೆ ಸುದ್ದಿಗಾರರ ಜತೆ ಶಾಸಕ ಎಚ್.ವಿ.ವೆಂಕಟೇಶ್ ಮಾತನಾಡಿ, ಮಳೆಯ ಆಧಾರದಿಂದ ಪ್ರತಿ ವರ್ಷ ಬೆಳೆನಷ್ಟದಿಂದ ಬಳಲುವ ರೈತರು ಹೆಚ್ಚು ಸಂಕಷ್ಟಕ್ಕೀಡಾಗಿದ್ದಾರೆ. ತಾಲೂಕಿನಲ್ಲಿ ಸೋಲಾರ್ ಪಾರ್ಕ್ ನಿರ್ಮಾಣದಿಂದ ರೈತರಿಗೆ ಹೆಚ್ಚು ಅನುಕೂಲವಾಗಿದೆ. ವಿದ್ಯಾವಂತ ನಿರುದ್ಯೋಗಿ ಯುವಕರು ಉದ್ಯೋಗ ಪಡೆದುಕೊಳ್ಳಬೇಕು. ಈ ವೇಳೆ ಸ್ಥಳೀಯ ಮುಖಂಡರು ಹಾಗೂ ರೈತರು ಮತ್ತು ಸೋಲಾರ್ ಅಧಿಕಾರಿಗಳು ಇದ್ದರು.

ಪಾವಗಡ ನ.23– ಗಡಿ ಭಾಗದ ರೈತರಿಗೆ ಅನುಕೂಲ ಕಲ್ಪಿಸುವ ಸಲುವಾಗಿ ತಾಲೂಕಿನ ವೈ.ಎನ್.ಹೊಸಕೋಟೆ ಹೋಬಳಿ ವ್ಯಾಪ್ತಿಯಲ್ಲಿ ಗುತ್ತಿಗೆ ಆಧಾರದ ಮೇಲೆ ಇನ್ನೂ 10ಸಾವಿರ ಎಕರೆ ರೈತರ ಜಮೀನುಗಳಲ್ಲಿ ಸೋಲಾರ್ ವಿದ್ಯುತ್ ಉತ್ಪಾದನಾ ಘಟಕ ನಿರ್ಮಾಣಕ್ಕೆ ಸರ್ಕಾರ ಮುಂದಾಗಿದೆ ಎಂದು ಶಾಸಕ ಎಚ್.ವಿ.ವೆಂಕಟೇಶ್ ತಿಳಿಸಿದರು. ಕೃಷಿ ಕಾರ್ಮಿಕರ ಬ್ಲಾಂಕ ಸಭಾಂಗಣದಲ್ಲಿ ಏರ್ಪಡಿಸಿದ್ದ ರೈತರ ಸಭೆಯಲ್ಲಿ ಮಾತನಾಡಿ, 13ಸಾವಿರ ಎಕರೆ ರೈತರ ಜಮೀನುಗಳಲ್ಲಿ 2,500ಮೆಗಾವ್ಯಾಟ್ ವಿದ್ಯುತ್ ಉತ್ಪಾದನೆ ಮಾಡುವ ಸೋಲಾರ್ ಪಾರ್ಕ್ ನಿರ್ಮಾಣಗೊಂಡಿದೆ. ರೈತರ ಜಮೀನಿಗೆ ವಾರ್ಷಿಕ ಬಾಡಿಗೆ ನೀಡಲಾಗುತ್ತಿದ್ದು, ಇದರಿಂದ ಭೂಮಾಲೀಕರಿಗೆ ಅನುಕೂಲವಾಗಿದೆ. ಈ ಯೋಜನೆಯನ್ನು ಇನ್ನಷ್ಟು ವಿಸ್ತರಿಸಲಾಗುವುದು ಎಂದರು. ಈ ವೇಳೆ ಸುದ್ದಿಗಾರರ ಜತೆ ಶಾಸಕ ಎಚ್.ವಿ.ವೆಂಕಟೇಶ್ ಮಾತನಾಡಿ, ಮಳೆಯ ಆಧಾರದಿಂದ ಪ್ರತಿ ವರ್ಷ ಬೆಳೆನಷ್ಟದಿಂದ ಬಳಲುವ ರೈತರು ಹೆಚ್ಚು ಸಂಕಷ್ಟಕ್ಕೀಡಾಗಿದ್ದಾರೆ. ತಾಲೂಕಿನಲ್ಲಿ ಸೋಲಾರ್ ಪಾರ್ಕ್ ನಿರ್ಮಾಣದಿಂದ ರೈತರಿಗೆ ಹೆಚ್ಚು ಅನುಕೂಲವಾಗಿದೆ. ವಿದ್ಯಾವಂತ ನಿರುದ್ಯೋಗಿ ಯುವಕರು ಉದ್ಯೋಗ ಪಡೆದುಕೊಳ್ಳಬೇಕು. ಈ ವೇಳೆ ಸ್ಥಳೀಯ ಮುಖಂಡರು ಹಾಗೂ ರೈತರು ಮತ್ತು ಸೋಲಾರ್ ಅಧಿಕಾರಿಗಳು ಇದ್ದರು.

zee5 voot prime
Disney+ Hotstar N
❦
SEASONS
cafe
Spice up your moment
☕
ಸೀಸನ್ಸ್ ಕೆಫೆ
ಹುಟ್ಟುಹಬ್ಬದ ಸಮಾರಂಭಗಳು ವಾರ್ಷಿಕೋತ್ಸವಗಳು, ವಿವಾಹ ವಾರ್ಷಿಕೋತ್ಸವಗಳು ವಸ್ತು ಸಮಾರಂಭಗಳು ಮತ್ತು ಕಿಟ್ಟಿ ಪಾರ್ಟಿಗಳನ್ನು ದೊಡ್ಡ ಪರದೆಯ ಮೇಲೆ ಆಚರಿಸಬಹುದು. ಉತ್ತಮ ಸೇವೆಯೊಂದಿಗೆ ಆಚರಿಸಲು ಒಮ್ಮೆ ಭೇಟಿ ನೀಡಿ ನಿಮ್ಮ ಎಲ್ಲಾ ವಿಶೇಷ ಸಂದರ್ಭಗಳನ್ನು ಸುಮಧುರಗೊಳಿಸಿಕೊಳ್ಳಿ.
PUNITH
Birthaday Parties,Anniversary parties,Bride-To-be,kitty parties, Small Gettogethers & Reunion parties one stop for all celebrations
With Big Screening (OTT Platform) & spice up your all movements
ವಿಳಾಸ :- "ಅಮೃತವಾಣಿ ಆರ್ಕೇಡ್"
ಕೆ.ಇ.ಬಿ ರಸ್ತೆ ಬಿಲ್ಡ್, ಎಸ್ ಬ್ಲಾಕ್ 4, 2ನೇ ಮುಖ್ಯರಸ್ತೆ, ಬಿ.ಎಚ್ ಕಾಲೋನಿ ತುಮಕೂರು
seasons_tumkur
INAUGRAL OFFER
20% DISCOUNT	9900041312
ಪ್ರಕಾಶಕರು, ಮಾಲೀಕರು, ಮುದ್ರಕರು, ಸಂಪಾದಕರು : ಗಂಗಹನುಮಯ್ಯ, ಮುದ್ರಣ : ಶ್ರೀ ಮಾರುತಿ ಆಫ್‌ಸೆಟ್ ಪ್ರಿಂಟರ್ಸ್, ವಿ.ಆರ್.ಕಾಲೋನಿ, ಬೆಳಗುಂಬ ರಸ್ತೆ, ತುಮಕೂರು. ಫೋನ್ : 0816-2275777, ಮೊಬೈಲ್ : 9845213604, 9448769806
Publisher, Owner, Printer, Editor: Gangahanumaiah. Printed at: Maruthi Offset Printers, V.R.Colony, Belagumba Road, Tumakuru. PH: 0816-2275777, Mob:9845213604, 9448769806
